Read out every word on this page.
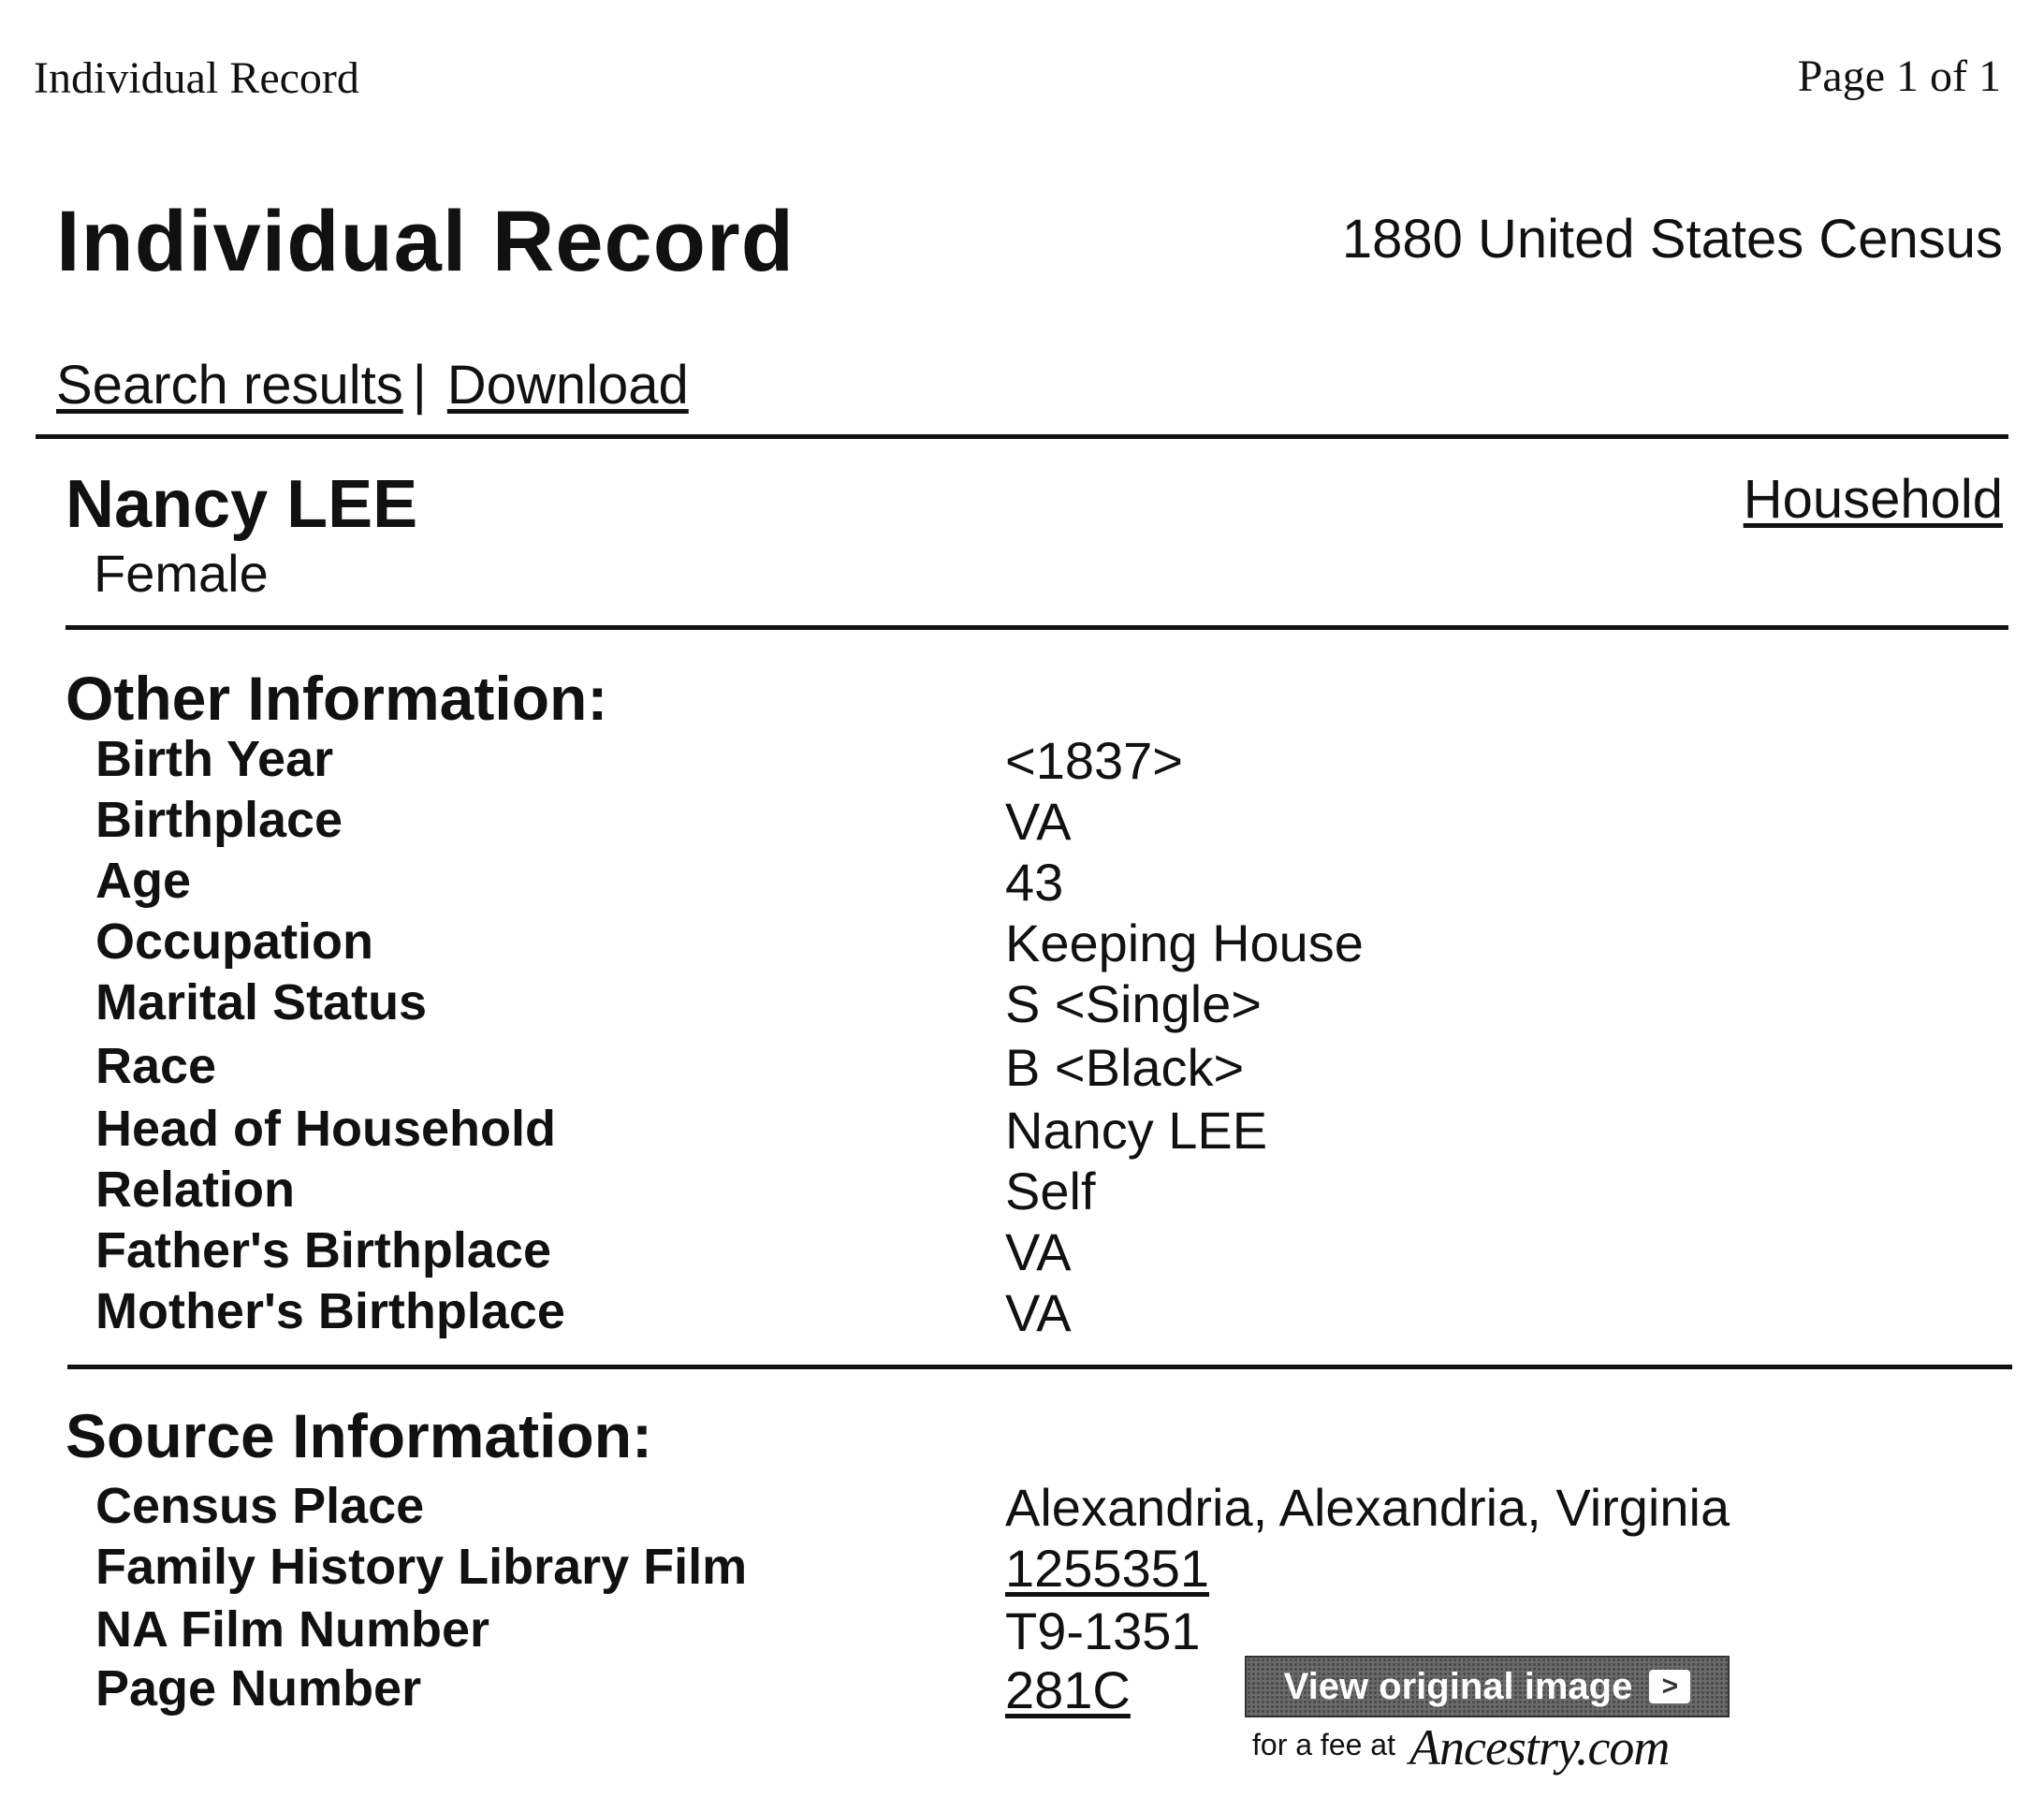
Individual Record	Page 1 of 1
Individual Record	1880 United States Census
Search results | Download
Nancy LEE
Female
Household
Other Information:
Birth Year	<1837>
Birthplace	VA
Age	43
Occupation	Keeping House
Marital Status	S <Single>
Race	B <Black>
Head of Household	Nancy LEE
Relation	Self
Father's Birthplace	VA
Mother's Birthplace	VA
Source Information:
Census Place	Alexandria, Alexandria, Virginia
Family History Library Film	1255351
NA Film Number	T9-1351
Page Number	281C	View original image	>
for a fee at Ancestry.com
